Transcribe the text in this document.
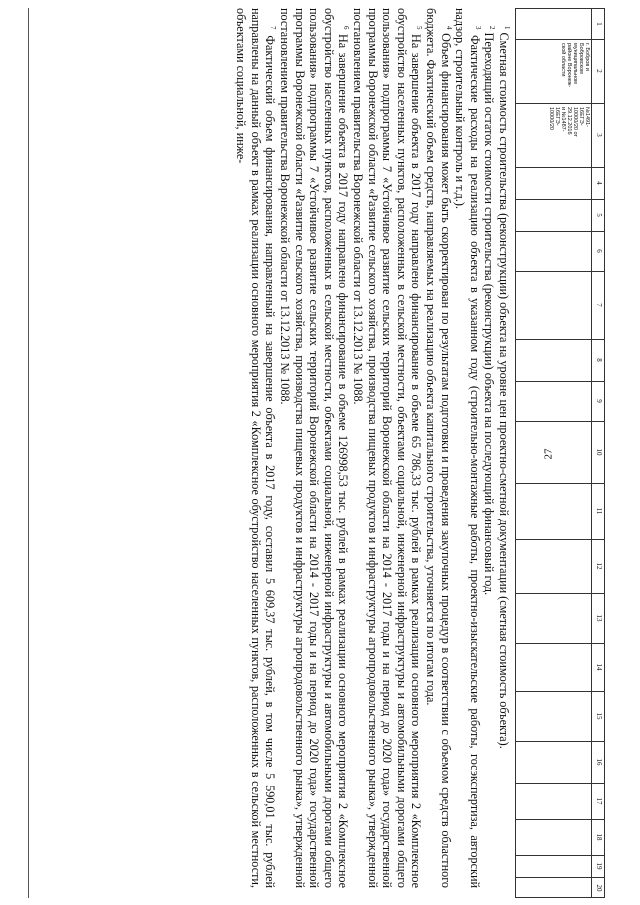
27
1
2
3
4
5
6
7
8
9
10
11
12
13
14
15
16
17
18
19
20
г. Бобров и
Бобровском
муниципальном
районе Воронеж-
ской области
№1491-
16ЕГЭ-
10000/20 от
29.12.2016
и №1487-
16ЕГЭ-
10000/20

$^1$ Сметная стоимость строительства (реконструкции) объекта на уровне цен проектно-сметной документации (сметная стоимость объекта).

$^2$ Переходящий остаток стоимости строительства (реконструкции) объекта на последующий финансовый год.

$^3$ Фактические расходы на реализацию объекта в указанном году (строительно-монтажные работы, проектно-изыскательские работы, госэкспертиза, авторский надзор, строительный контроль и т.д.).

$^4$ Объем финансирования может быть скорректирован по результатам подготовки и проведения закупочных процедур в соответствии с объемом средств областного бюджета. Фактический объем средств, направляемых на реализацию объекта капитального строительства, уточняется по итогам года.

$^5$ На завершение объекта в 2017 году направлено финансирование в объеме 65 786,33 тыс. рублей в рамках реализации основного мероприятия 2 «Комплексное обустройство населенных пунктов, расположенных в сельской местности, объектами социальной, инженерной инфраструктуры и автомобильными дорогами общего пользования» подпрограммы 7 «Устойчивое развитие сельских территорий Воронежской области на 2014 - 2017 годы и на период до 2020 года» государственной программы Воронежской области «Развитие сельского хозяйства, производства пищевых продуктов и инфраструктуры агропродовольственного рынка», утвержденной постановлением правительства Воронежской области от 13.12.2013 № 1088.

$^6$ На завершение объекта в 2017 году направлено финансирование в объеме 126998,53 тыс. рублей в рамках реализации основного мероприятия 2 «Комплексное обустройство населенных пунктов, расположенных в сельской местности, объектами социальной, инженерной инфраструктуры и автомобильными дорогами общего пользования» подпрограммы 7 «Устойчивое развитие сельских территорий Воронежской области на 2014 - 2017 годы и на период до 2020 года» государственной программы Воронежской области «Развитие сельского хозяйства, производства пищевых продуктов и инфраструктуры агропродовольственного рынка», утвержденной постановлением правительства Воронежской области от 13.12.2013 № 1088.

$^7$ Фактический объем финансирования, направленный на завершение объекта в 2017 году, составил 5 609,37 тыс. рублей, в том числе 5 590,01 тыс. рублей направлены на данный объект в рамках реализации основного мероприятия 2 «Комплексное обустройство населенных пунктов, расположенных в сельской местности, объектами социальной, инже-
